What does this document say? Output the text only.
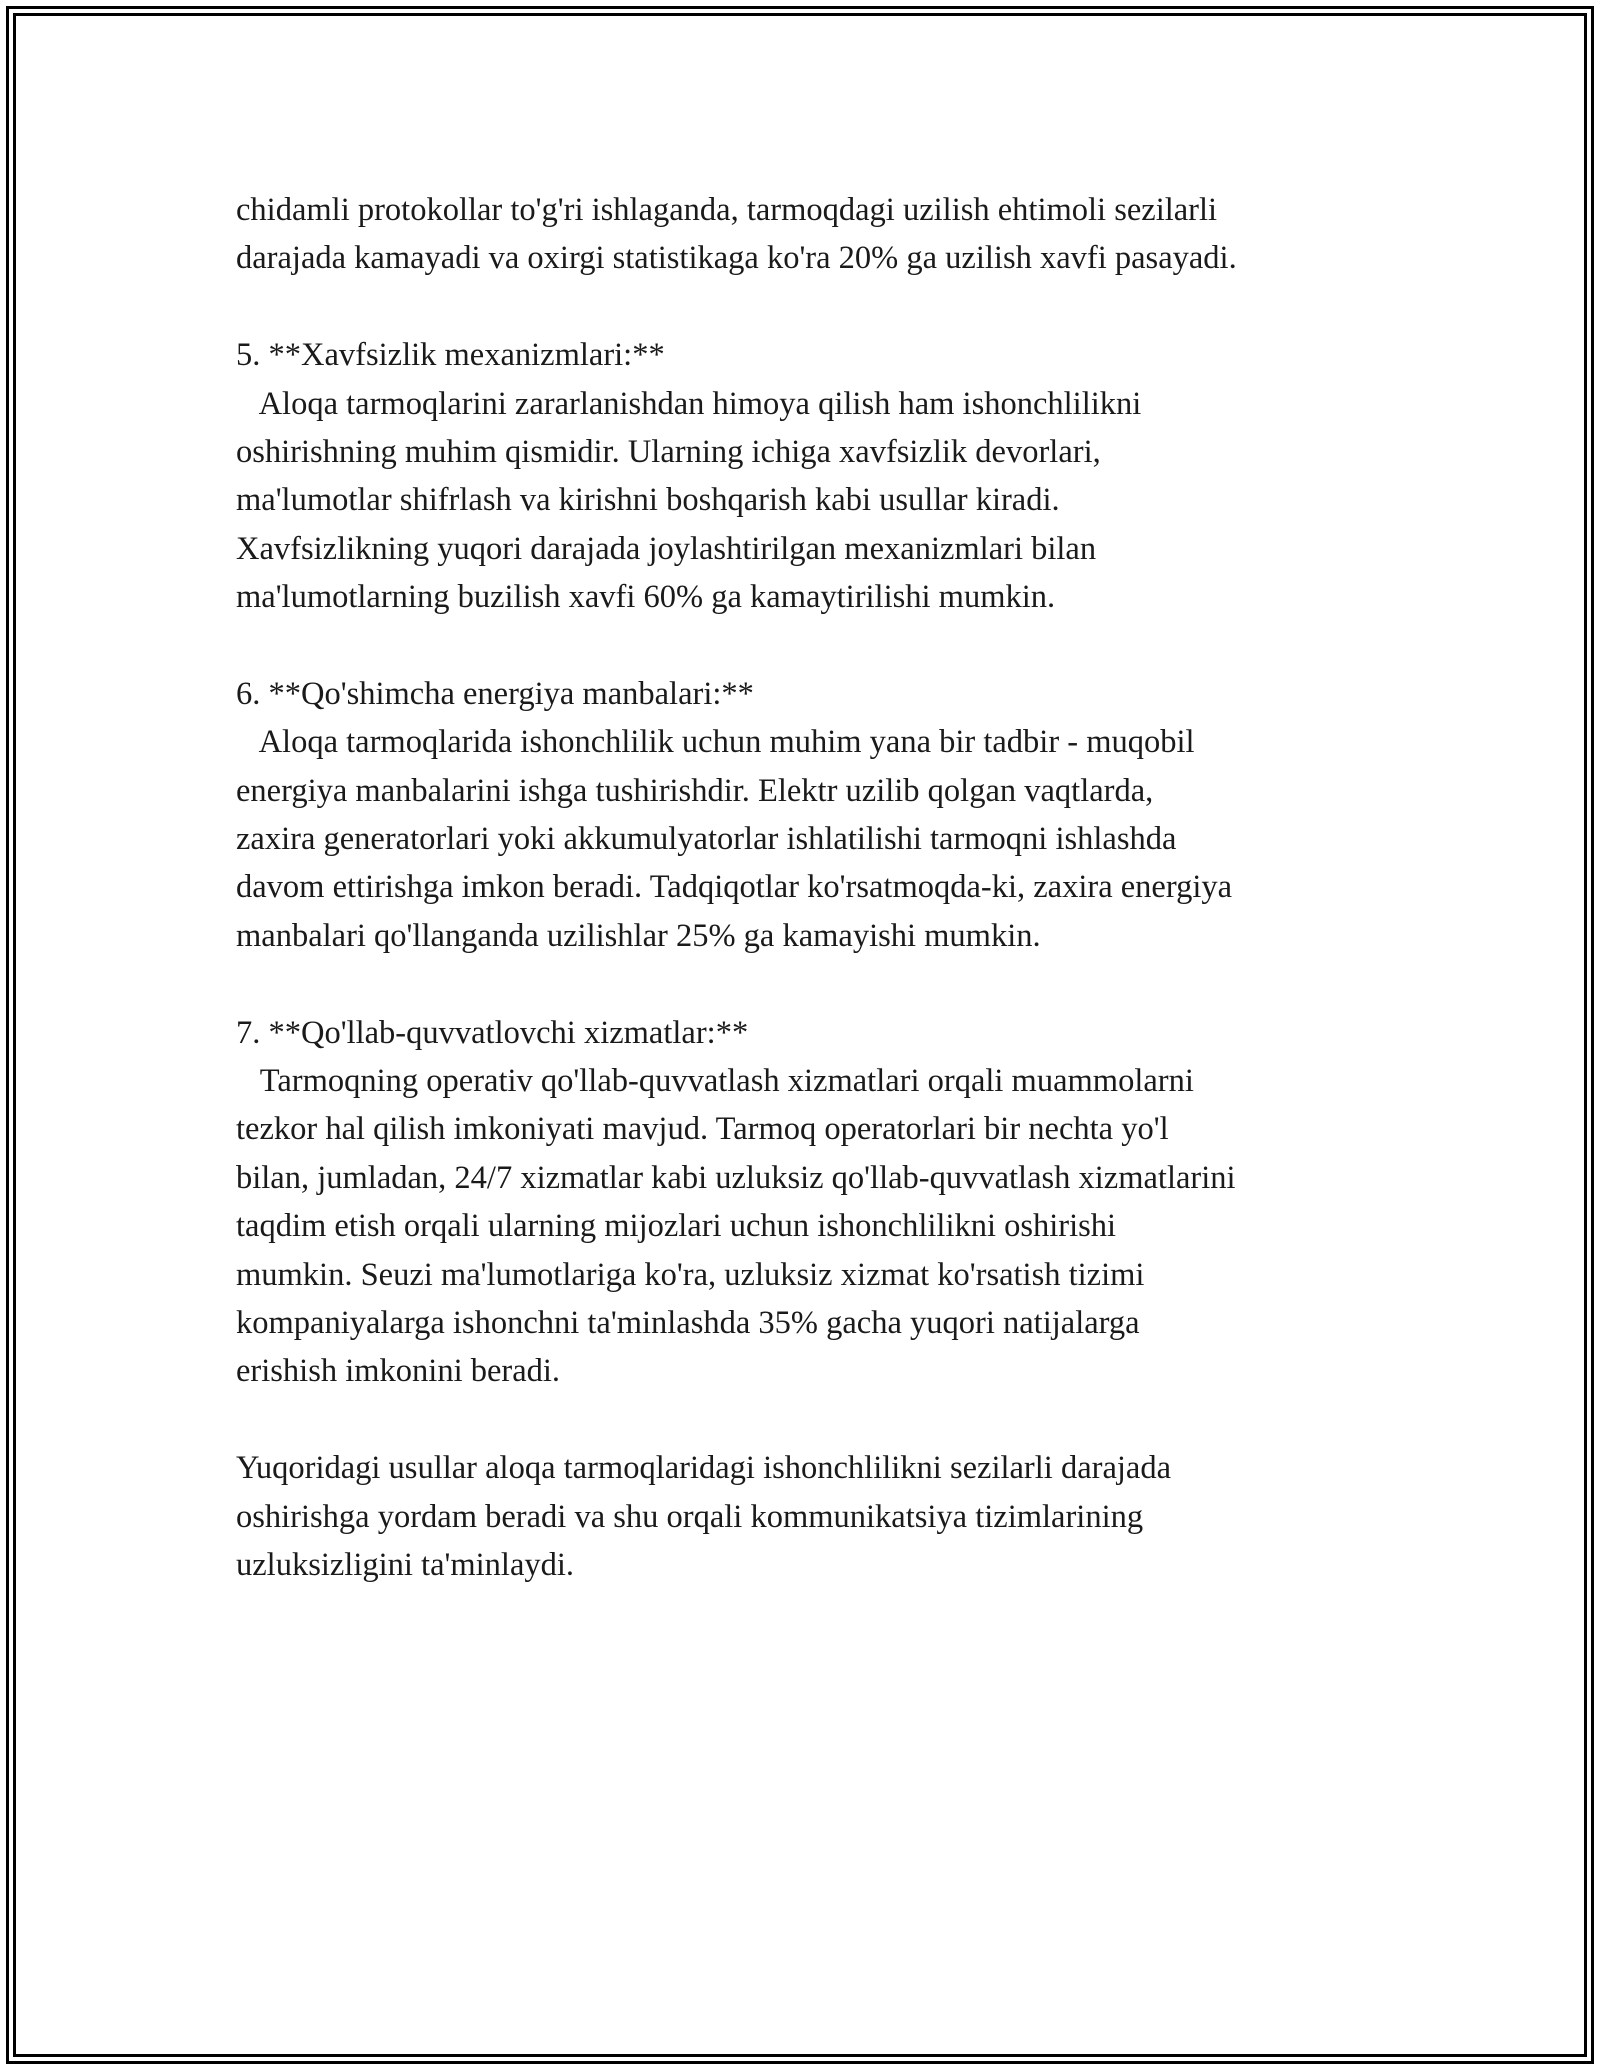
chidamli protokollar to'g'ri ishlaganda, tarmoqdagi uzilish ehtimoli sezilarli
darajada kamayadi va oxirgi statistikaga ko'ra 20% ga uzilish xavfi pasayadi.
5. **Xavfsizlik mexanizmlari:**
Aloqa tarmoqlarini zararlanishdan himoya qilish ham ishonchlilikni
oshirishning muhim qismidir. Ularning ichiga xavfsizlik devorlari,
ma'lumotlar shifrlash va kirishni boshqarish kabi usullar kiradi.
Xavfsizlikning yuqori darajada joylashtirilgan mexanizmlari bilan
ma'lumotlarning buzilish xavfi 60% ga kamaytirilishi mumkin.
6. **Qo'shimcha energiya manbalari:**
Aloqa tarmoqlarida ishonchlilik uchun muhim yana bir tadbir - muqobil
energiya manbalarini ishga tushirishdir. Elektr uzilib qolgan vaqtlarda,
zaxira generatorlari yoki akkumulyatorlar ishlatilishi tarmoqni ishlashda
davom ettirishga imkon beradi. Tadqiqotlar ko'rsatmoqda-ki, zaxira energiya
manbalari qo'llanganda uzilishlar 25% ga kamayishi mumkin.
7. **Qo'llab-quvvatlovchi xizmatlar:**
Tarmoqning operativ qo'llab-quvvatlash xizmatlari orqali muammolarni
tezkor hal qilish imkoniyati mavjud. Tarmoq operatorlari bir nechta yo'l
bilan, jumladan, 24/7 xizmatlar kabi uzluksiz qo'llab-quvvatlash xizmatlarini
taqdim etish orqali ularning mijozlari uchun ishonchlilikni oshirishi
mumkin. Seuzi ma'lumotlariga ko'ra, uzluksiz xizmat ko'rsatish tizimi
kompaniyalarga ishonchni ta'minlashda 35% gacha yuqori natijalarga
erishish imkonini beradi.
Yuqoridagi usullar aloqa tarmoqlaridagi ishonchlilikni sezilarli darajada
oshirishga yordam beradi va shu orqali kommunikatsiya tizimlarining
uzluksizligini ta'minlaydi.
